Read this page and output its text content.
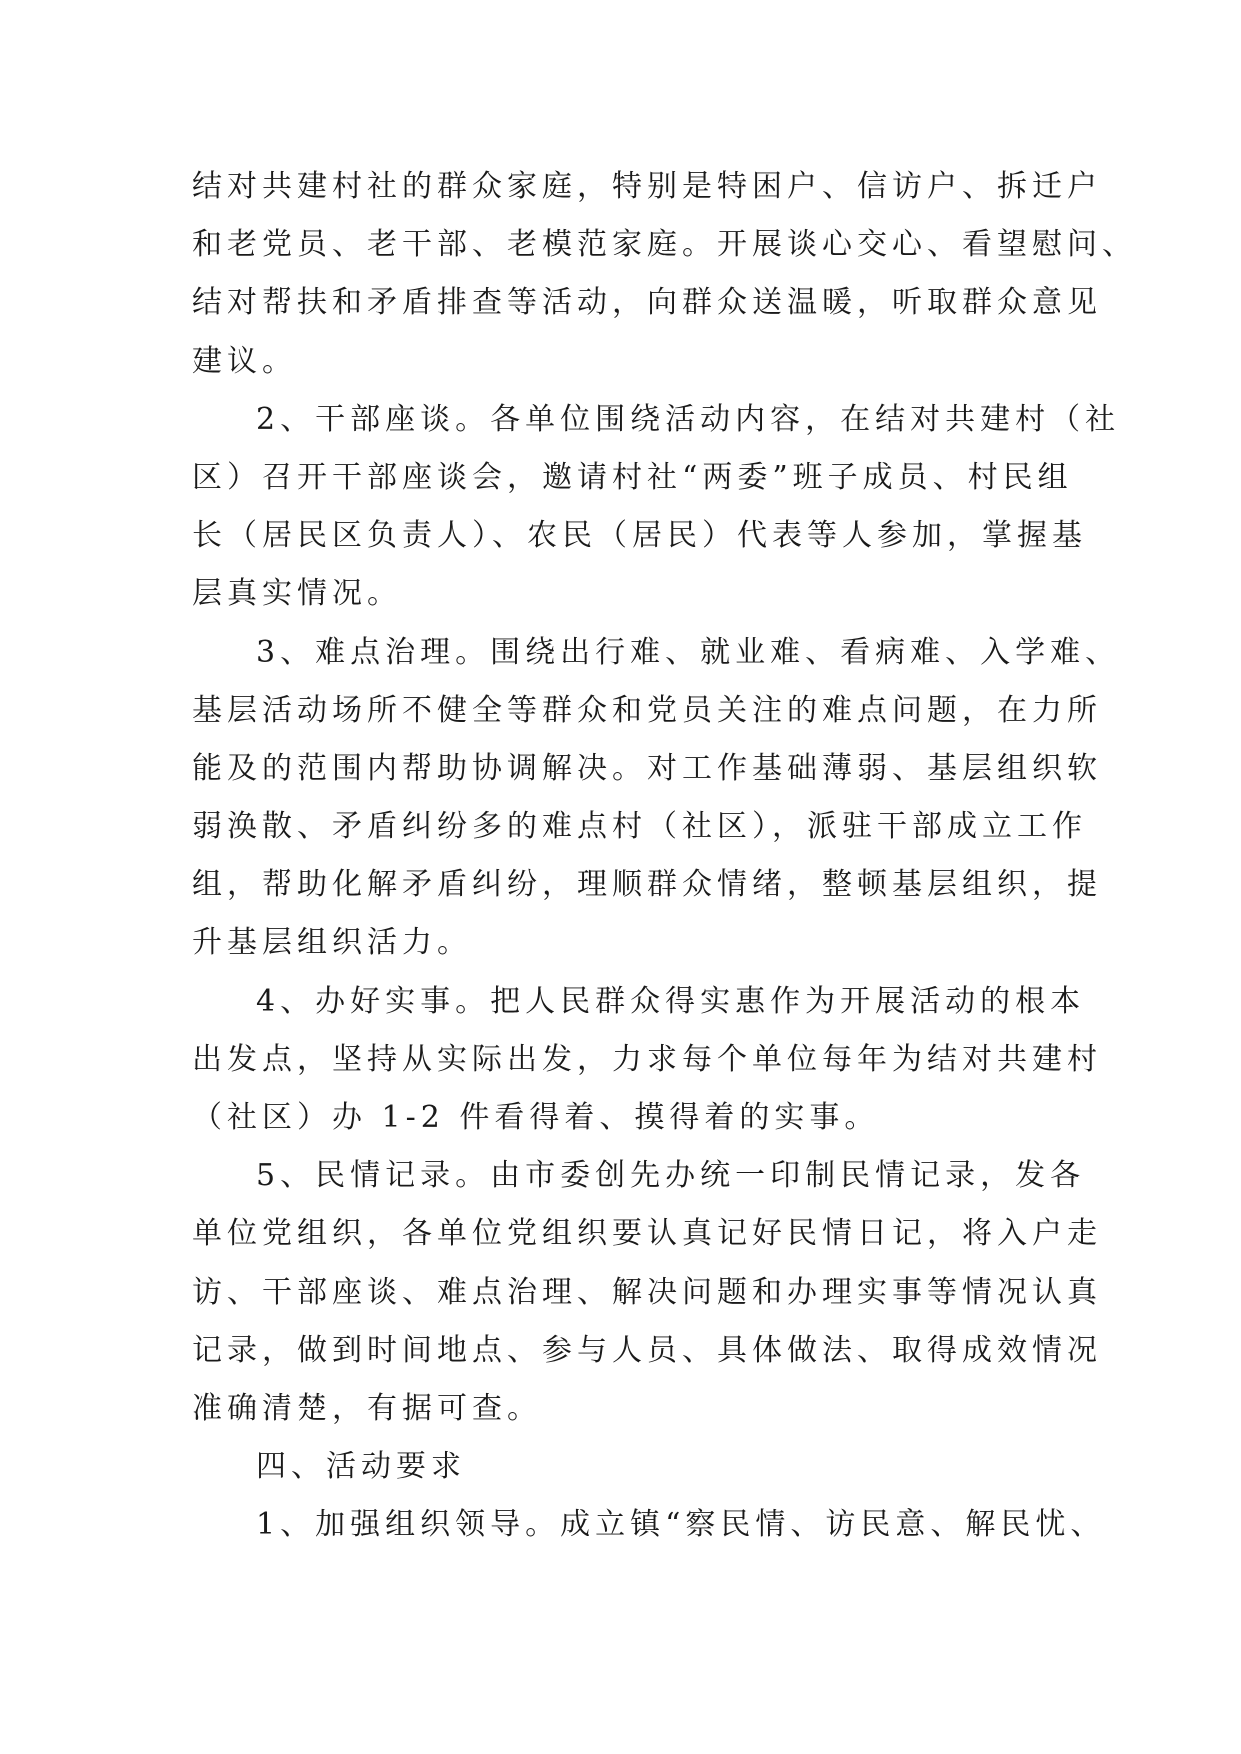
结对共建村社的群众家庭，特别是特困户、信访户、拆迁户
和老党员、老干部、老模范家庭。开展谈心交心、看望慰问、
结对帮扶和矛盾排查等活动，向群众送温暖，听取群众意见
建议。
2、干部座谈。各单位围绕活动内容，在结对共建村（社
区）召开干部座谈会，邀请村社“两委”班子成员、村民组
长（居民区负责人）、农民（居民）代表等人参加，掌握基
层真实情况。
3、难点治理。围绕出行难、就业难、看病难、入学难、
基层活动场所不健全等群众和党员关注的难点问题，在力所
能及的范围内帮助协调解决。对工作基础薄弱、基层组织软
弱涣散、矛盾纠纷多的难点村（社区），派驻干部成立工作
组，帮助化解矛盾纠纷，理顺群众情绪，整顿基层组织，提
升基层组织活力。
4、办好实事。把人民群众得实惠作为开展活动的根本
出发点，坚持从实际出发，力求每个单位每年为结对共建村
（社区）办 1-2 件看得着、摸得着的实事。
5、民情记录。由市委创先办统一印制民情记录，发各
单位党组织，各单位党组织要认真记好民情日记，将入户走
访、干部座谈、难点治理、解决问题和办理实事等情况认真
记录，做到时间地点、参与人员、具体做法、取得成效情况
准确清楚，有据可查。
四、活动要求
1、加强组织领导。成立镇“察民情、访民意、解民忧、
